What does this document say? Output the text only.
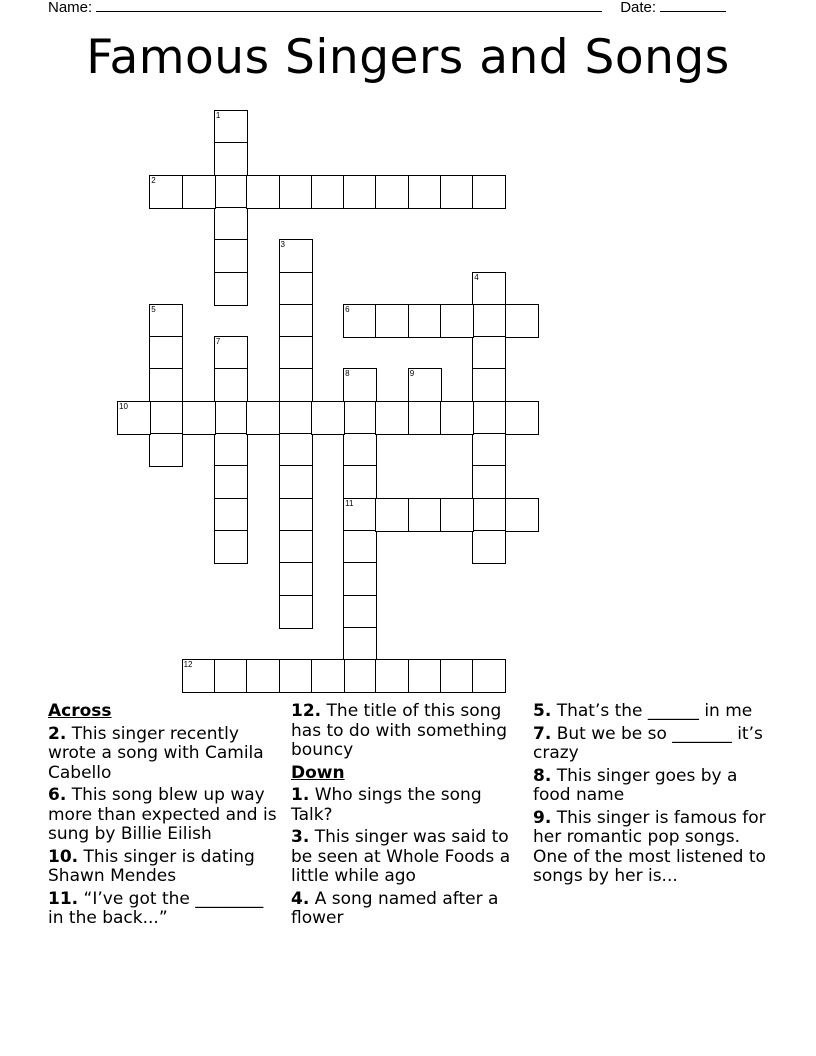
Name:	Date:
Famous Singers and Songs
1
2
3
4
5	6
7
8	9
10
11
12
Across
2. This singer recently wrote a song with Camila Cabello
6. This song blew up way more than expected and is sung by Billie Eilish
10. This singer is dating Shawn Mendes
11. “I’ve got the ________ in the back...”
12. The title of this song has to do with something bouncy
Down
1. Who sings the song Talk?
3. This singer was said to be seen at Whole Foods a little while ago
4. A song named after a flower
5. That’s the ______ in me
7. But we be so _______ it’s crazy
8. This singer goes by a food name
9. This singer is famous for her romantic pop songs. One of the most listened to songs by her is...
